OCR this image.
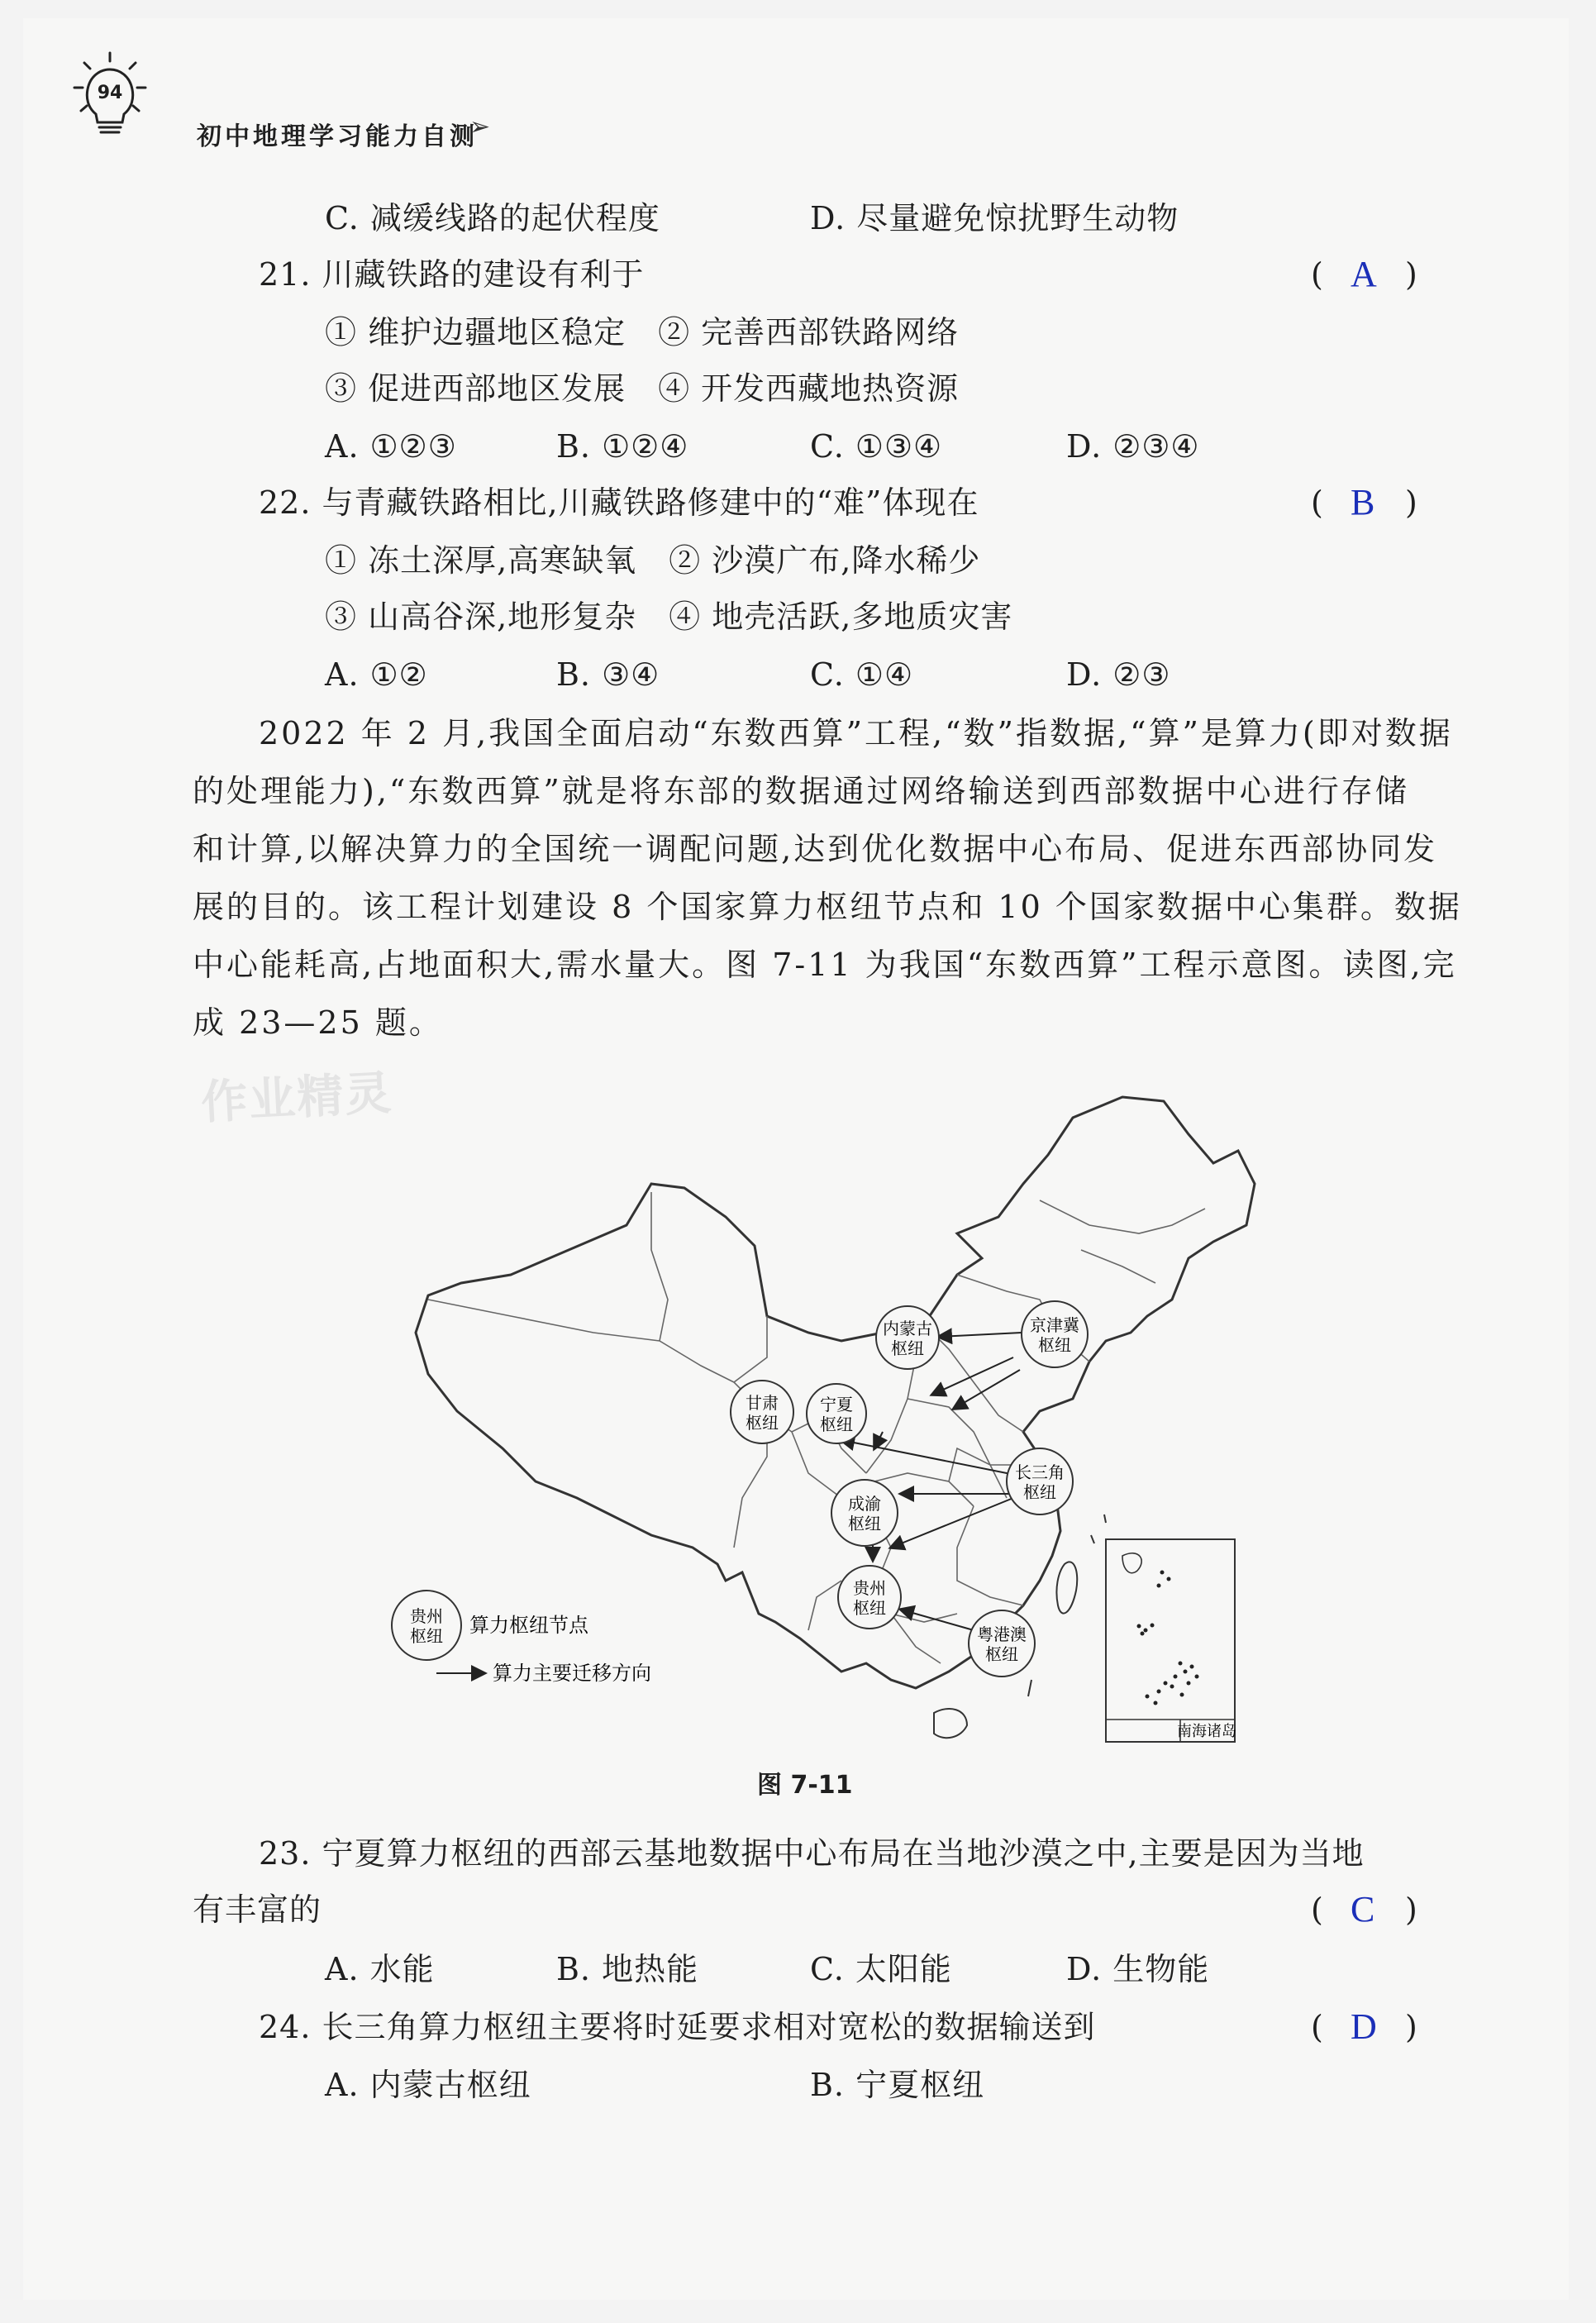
94
初中地理学习能力自测
➢
C. 减缓线路的起伏程度	D. 尽量避免惊扰野生动物
21. 川藏铁路的建设有利于	( A )
① 维护边疆地区稳定　② 完善西部铁路网络
③ 促进西部地区发展　④ 开发西藏地热资源
A. ①②③	B. ①②④	C. ①③④	D. ②③④
22. 与青藏铁路相比,川藏铁路修建中的“难”体现在	( B )
① 冻土深厚,高寒缺氧　② 沙漠广布,降水稀少
③ 山高谷深,地形复杂　④ 地壳活跃,多地质灾害
A. ①②	B. ③④	C. ①④	D. ②③
2022 年 2 月,我国全面启动“东数西算”工程,“数”指数据,“算”是算力(即对数据
的处理能力),“东数西算”就是将东部的数据通过网络输送到西部数据中心进行存储
和计算,以解决算力的全国统一调配问题,达到优化数据中心布局、促进东西部协同发
展的目的。该工程计划建设 8 个国家算力枢纽节点和 10 个国家数据中心集群。数据
中心能耗高,占地面积大,需水量大。图 7-11 为我国“东数西算”工程示意图。读图,完
成 23—25 题。
作业精灵
内蒙古
枢纽
京津冀
枢纽
甘肃
枢纽
宁夏
枢纽
长三角
枢纽
成渝
枢纽
贵州
枢纽
粤港澳
枢纽
贵州
枢纽 算力枢纽节点
算力主要迁移方向
南海诸岛
图 7-11
23. 宁夏算力枢纽的西部云基地数据中心布局在当地沙漠之中,主要是因为当地
有丰富的	( C )
A. 水能	B. 地热能	C. 太阳能	D. 生物能
24. 长三角算力枢纽主要将时延要求相对宽松的数据输送到	( D )
A. 内蒙古枢纽	B. 宁夏枢纽
